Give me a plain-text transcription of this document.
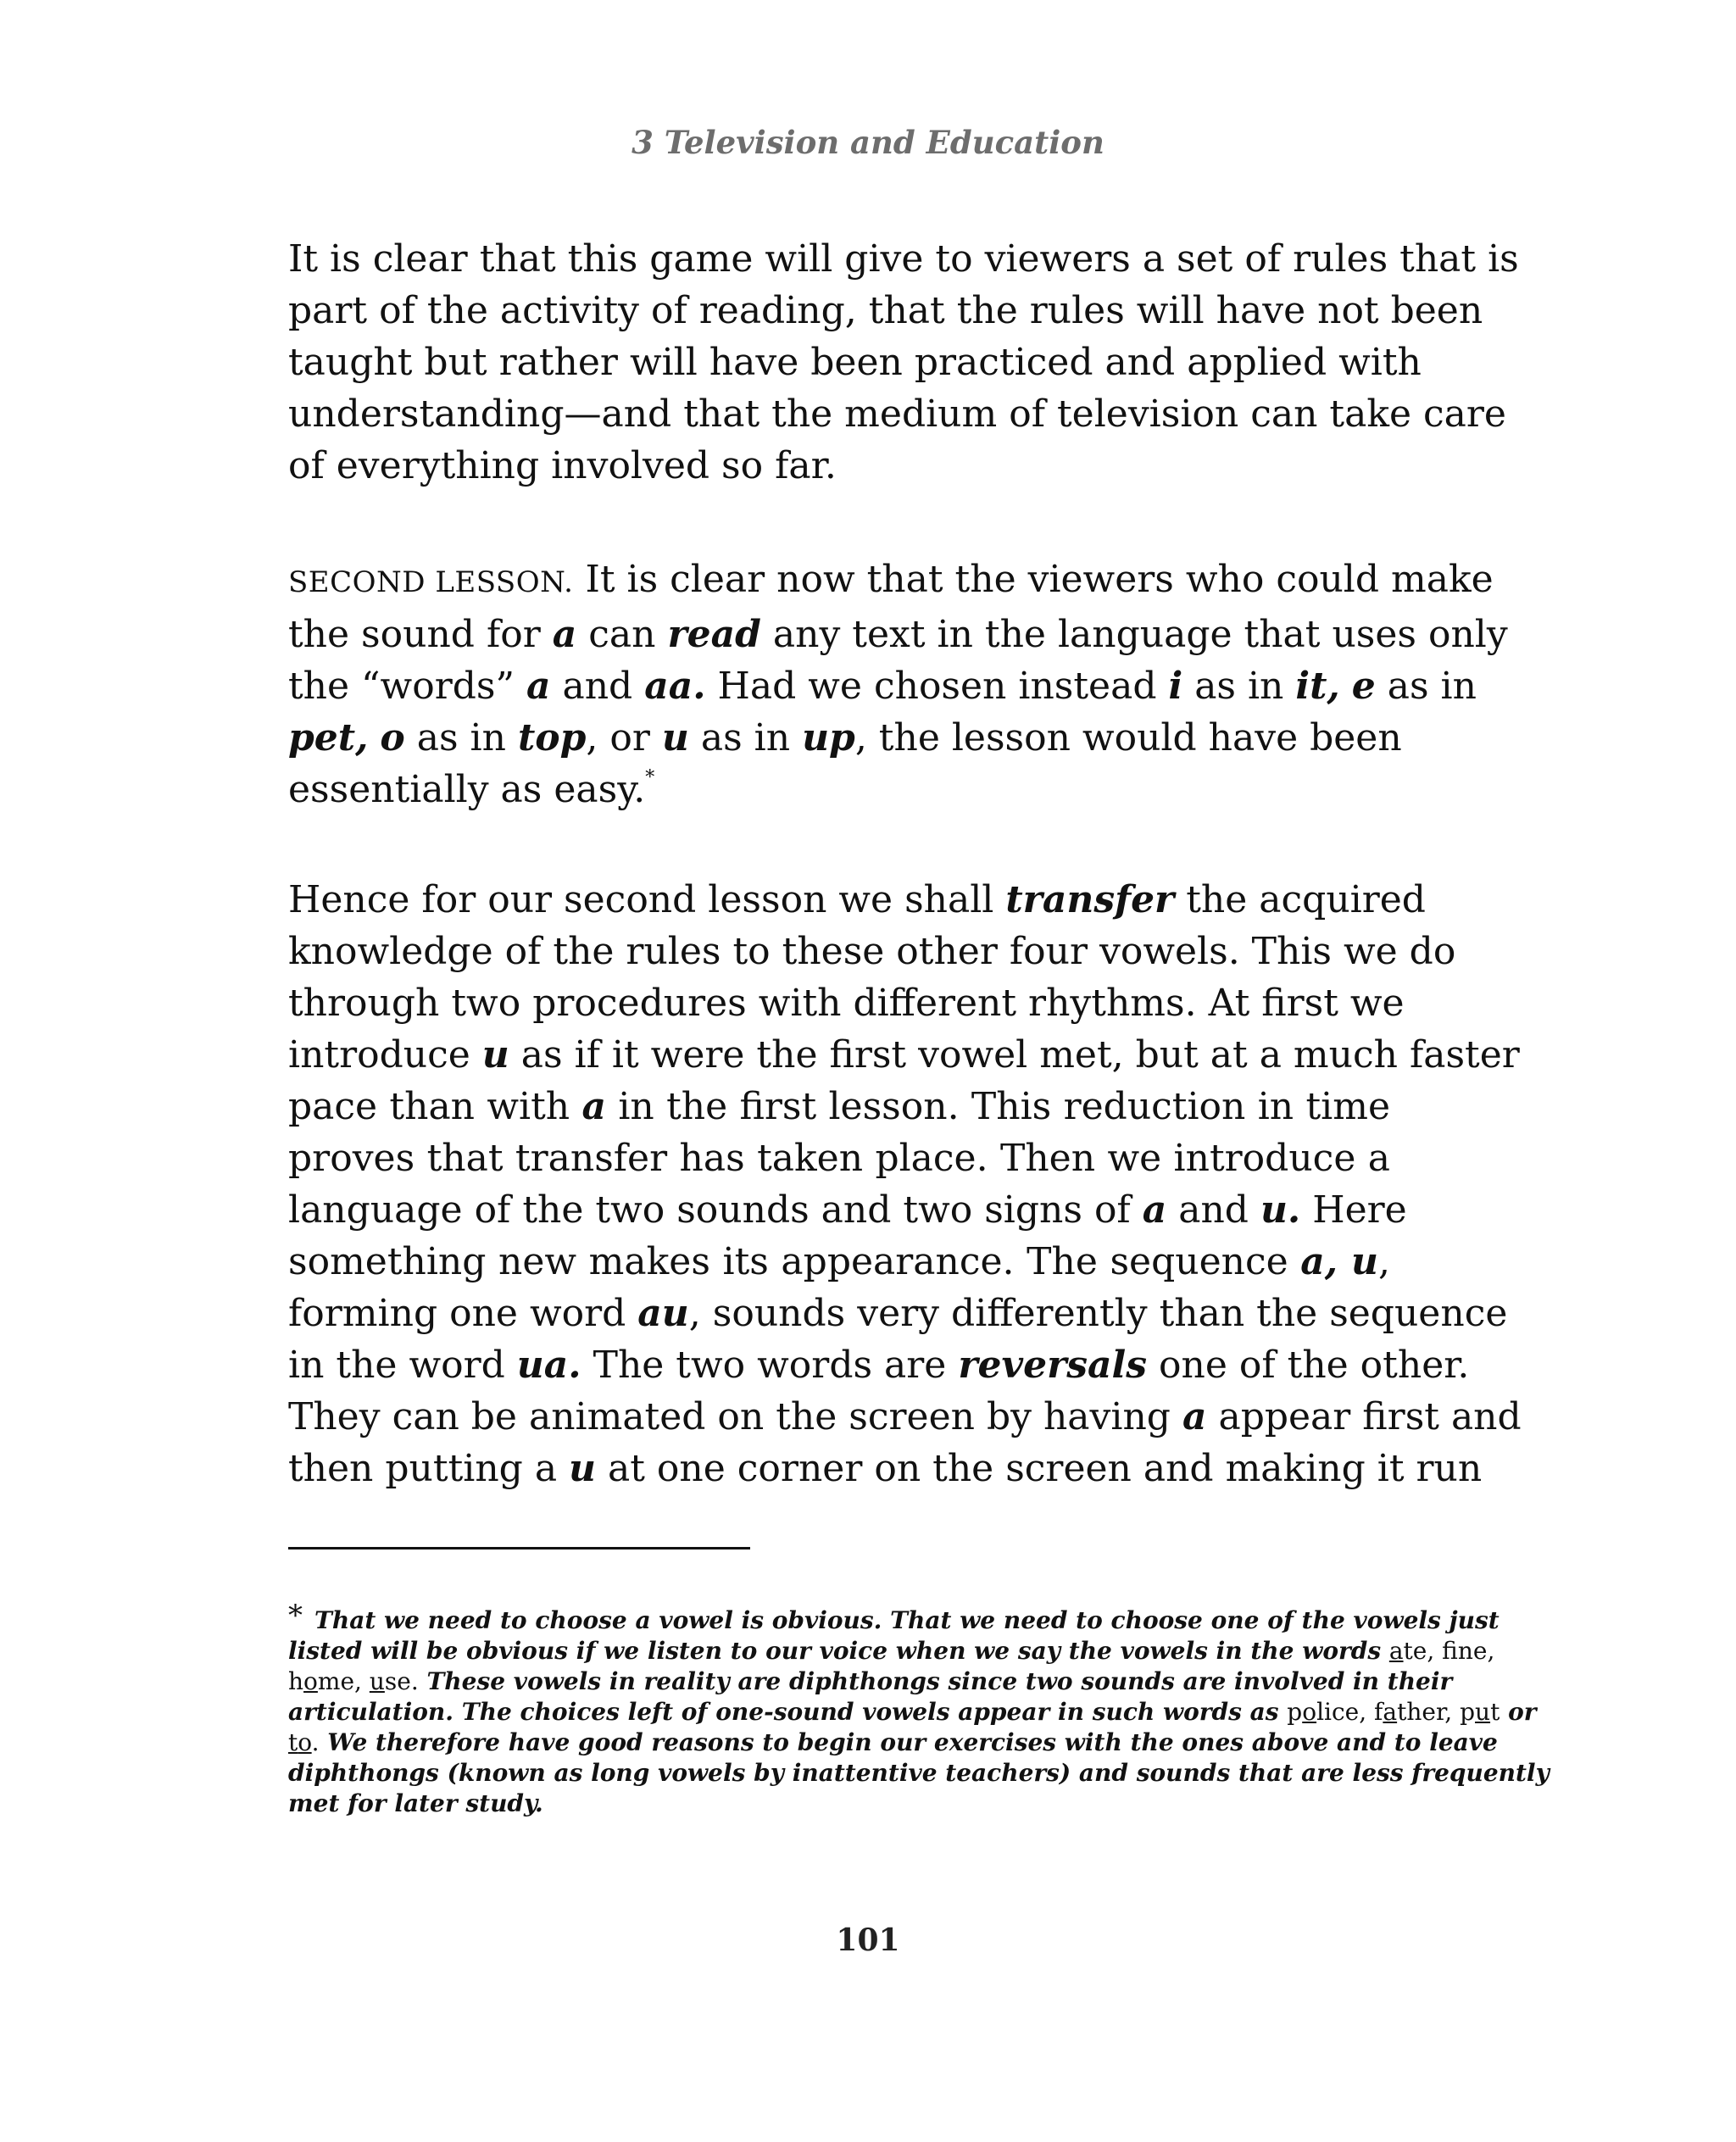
3 Television and Education
It is clear that this game will give to viewers a set of rules that is
part of the activity of reading, that the rules will have not been
taught but rather will have been practiced and applied with
understanding—and that the medium of television can take care
of everything involved so far.
SECOND LESSON. It is clear now that the viewers who could make
the sound for a can read any text in the language that uses only
the “words” a and aa. Had we chosen instead i as in it, e as in
pet, o as in top, or u as in up, the lesson would have been
essentially as easy.*
Hence for our second lesson we shall transfer the acquired
knowledge of the rules to these other four vowels. This we do
through two procedures with different rhythms. At first we
introduce u as if it were the first vowel met, but at a much faster
pace than with a in the first lesson. This reduction in time
proves that transfer has taken place. Then we introduce a
language of the two sounds and two signs of a and u. Here
something new makes its appearance. The sequence a, u,
forming one word au, sounds very differently than the sequence
in the word ua. The two words are reversals one of the other.
They can be animated on the screen by having a appear first and
then putting a u at one corner on the screen and making it run
* That we need to choose a vowel is obvious. That we need to choose one of the vowels just
listed will be obvious if we listen to our voice when we say the vowels in the words ate, fne,
home, use. These vowels in reality are diphthongs since two sounds are involved in their
articulation. The choices left of one-sound vowels appear in such words as police, father, put or
to. We therefore have good reasons to begin our exercises with the ones above and to leave
diphthongs (known as long vowels by inattentive teachers) and sounds that are less frequently
met for later study.
101
